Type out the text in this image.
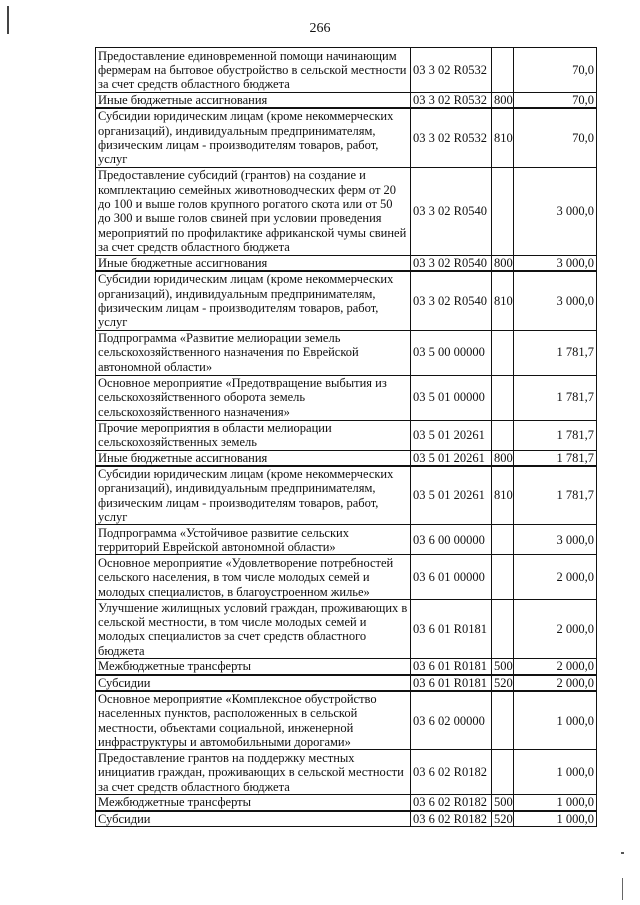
266
Предоставление единовременной помощи начинающим фермерам на бытовое обустройство в сельской местности за счет средств областного бюджета	03 3 02 R0532		70,0
Иные бюджетные ассигнования	03 3 02 R0532	800	70,0
Субсидии юридическим лицам (кроме некоммерческих организаций), индивидуальным предпринимателям, физическим лицам - производителям товаров, работ, услуг	03 3 02 R0532	810	70,0
Предоставление субсидий (грантов) на создание и комплектацию семейных животноводческих ферм от 20 до 100 и выше голов крупного рогатого скота или от 50 до 300 и выше голов свиней при условии проведения мероприятий по профилактике африканской чумы свиней за счет средств областного бюджета	03 3 02 R0540		3 000,0
Иные бюджетные ассигнования	03 3 02 R0540	800	3 000,0
Субсидии юридическим лицам (кроме некоммерческих организаций), индивидуальным предпринимателям, физическим лицам - производителям товаров, работ, услуг	03 3 02 R0540	810	3 000,0
Подпрограмма «Развитие мелиорации земель сельскохозяйственного назначения по Еврейской автономной области»	03 5 00 00000		1 781,7
Основное мероприятие «Предотвращение выбытия из сельскохозяйственного оборота земель сельскохозяйственного назначения»	03 5 01 00000		1 781,7
Прочие мероприятия в области мелиорации сельскохозяйственных земель	03 5 01 20261		1 781,7
Иные бюджетные ассигнования	03 5 01 20261	800	1 781,7
Субсидии юридическим лицам (кроме некоммерческих организаций), индивидуальным предпринимателям, физическим лицам - производителям товаров, работ, услуг	03 5 01 20261	810	1 781,7
Подпрограмма «Устойчивое развитие сельских территорий Еврейской автономной области»	03 6 00 00000		3 000,0
Основное мероприятие «Удовлетворение потребностей сельского населения, в том числе молодых семей и молодых специалистов, в благоустроенном жилье»	03 6 01 00000		2 000,0
Улучшение жилищных условий граждан, проживающих в сельской местности, в том числе молодых семей и молодых специалистов за счет средств областного бюджета	03 6 01 R0181		2 000,0
Межбюджетные трансферты	03 6 01 R0181	500	2 000,0
Субсидии	03 6 01 R0181	520	2 000,0
Основное мероприятие «Комплексное обустройство населенных пунктов, расположенных в сельской местности, объектами социальной, инженерной инфраструктуры и автомобильными дорогами»	03 6 02 00000		1 000,0
Предоставление грантов на поддержку местных инициатив граждан, проживающих в сельской местности за счет средств областного бюджета	03 6 02 R0182		1 000,0
Межбюджетные трансферты	03 6 02 R0182	500	1 000,0
Субсидии	03 6 02 R0182	520	1 000,0
